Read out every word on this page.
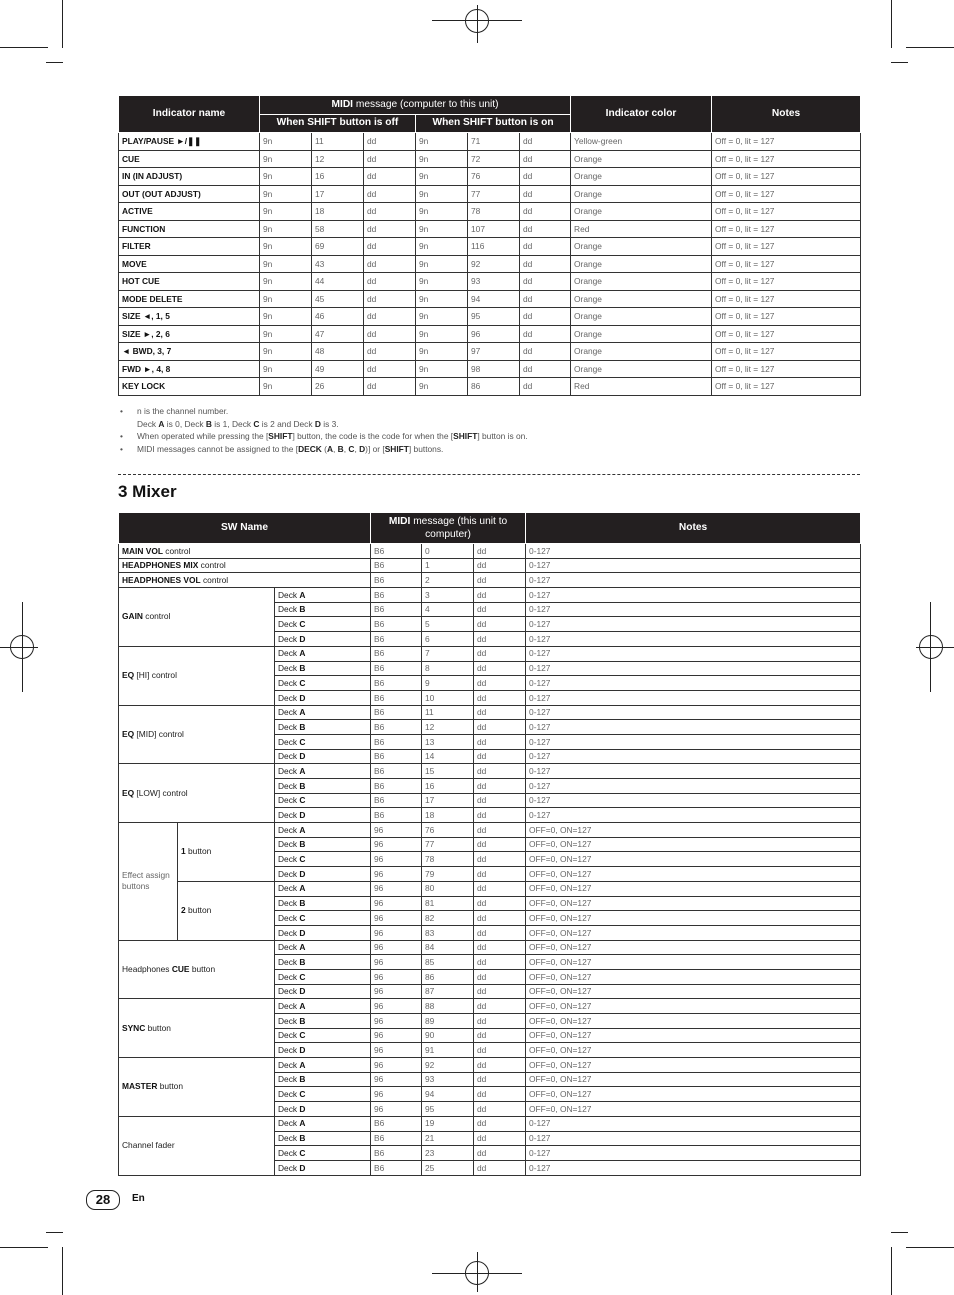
Indicator name	MIDI message (computer to this unit)						Indicator color	Notes
	When SHIFT button is off			When SHIFT button is on				
PLAY/PAUSE ►/❚❚	9n	11	dd	9n	71	dd	Yellow-green	Off = 0, lit = 127
CUE	9n	12	dd	9n	72	dd	Orange	Off = 0, lit = 127
IN (IN ADJUST)	9n	16	dd	9n	76	dd	Orange	Off = 0, lit = 127
OUT (OUT ADJUST)	9n	17	dd	9n	77	dd	Orange	Off = 0, lit = 127
ACTIVE	9n	18	dd	9n	78	dd	Orange	Off = 0, lit = 127
FUNCTION	9n	58	dd	9n	107	dd	Red	Off = 0, lit = 127
FILTER	9n	69	dd	9n	116	dd	Orange	Off = 0, lit = 127
MOVE	9n	43	dd	9n	92	dd	Orange	Off = 0, lit = 127
HOT CUE	9n	44	dd	9n	93	dd	Orange	Off = 0, lit = 127
MODE DELETE	9n	45	dd	9n	94	dd	Orange	Off = 0, lit = 127
SIZE ◄, 1, 5	9n	46	dd	9n	95	dd	Orange	Off = 0, lit = 127
SIZE ►, 2, 6	9n	47	dd	9n	96	dd	Orange	Off = 0, lit = 127
◄ BWD, 3, 7	9n	48	dd	9n	97	dd	Orange	Off = 0, lit = 127
FWD ►, 4, 8	9n	49	dd	9n	98	dd	Orange	Off = 0, lit = 127
KEY LOCK	9n	26	dd	9n	86	dd	Red	Off = 0, lit = 127
• n is the channel number.
Deck A is 0, Deck B is 1, Deck C is 2 and Deck D is 3.
• When operated while pressing the [SHIFT] button, the code is the code for when the [SHIFT] button is on.
• MIDI messages cannot be assigned to the [DECK (A, B, C, D)] or [SHIFT] buttons.
3 Mixer
SW Name			MIDI message (this unit to computer)			Notes
MAIN VOL control			B6	0	dd	0-127
HEADPHONES MIX control			B6	1	dd	0-127
HEADPHONES VOL control			B6	2	dd	0-127
GAIN control		Deck A	B6	3	dd	0-127
		Deck B	B6	4	dd	0-127
		Deck C	B6	5	dd	0-127
		Deck D	B6	6	dd	0-127
EQ [HI] control		Deck A	B6	7	dd	0-127
		Deck B	B6	8	dd	0-127
		Deck C	B6	9	dd	0-127
		Deck D	B6	10	dd	0-127
EQ [MID] control		Deck A	B6	11	dd	0-127
		Deck B	B6	12	dd	0-127
		Deck C	B6	13	dd	0-127
		Deck D	B6	14	dd	0-127
EQ [LOW] control		Deck A	B6	15	dd	0-127
		Deck B	B6	16	dd	0-127
		Deck C	B6	17	dd	0-127
		Deck D	B6	18	dd	0-127
Effect assign buttons	1 button	Deck A	96	76	dd	OFF=0, ON=127
		Deck B	96	77	dd	OFF=0, ON=127
		Deck C	96	78	dd	OFF=0, ON=127
		Deck D	96	79	dd	OFF=0, ON=127
	2 button	Deck A	96	80	dd	OFF=0, ON=127
		Deck B	96	81	dd	OFF=0, ON=127
		Deck C	96	82	dd	OFF=0, ON=127
		Deck D	96	83	dd	OFF=0, ON=127
Headphones CUE button		Deck A	96	84	dd	OFF=0, ON=127
		Deck B	96	85	dd	OFF=0, ON=127
		Deck C	96	86	dd	OFF=0, ON=127
		Deck D	96	87	dd	OFF=0, ON=127
SYNC button		Deck A	96	88	dd	OFF=0, ON=127
		Deck B	96	89	dd	OFF=0, ON=127
		Deck C	96	90	dd	OFF=0, ON=127
		Deck D	96	91	dd	OFF=0, ON=127
MASTER button		Deck A	96	92	dd	OFF=0, ON=127
		Deck B	96	93	dd	OFF=0, ON=127
		Deck C	96	94	dd	OFF=0, ON=127
		Deck D	96	95	dd	OFF=0, ON=127
Channel fader		Deck A	B6	19	dd	0-127
		Deck B	B6	21	dd	0-127
		Deck C	B6	23	dd	0-127
		Deck D	B6	25	dd	0-127
28	En
